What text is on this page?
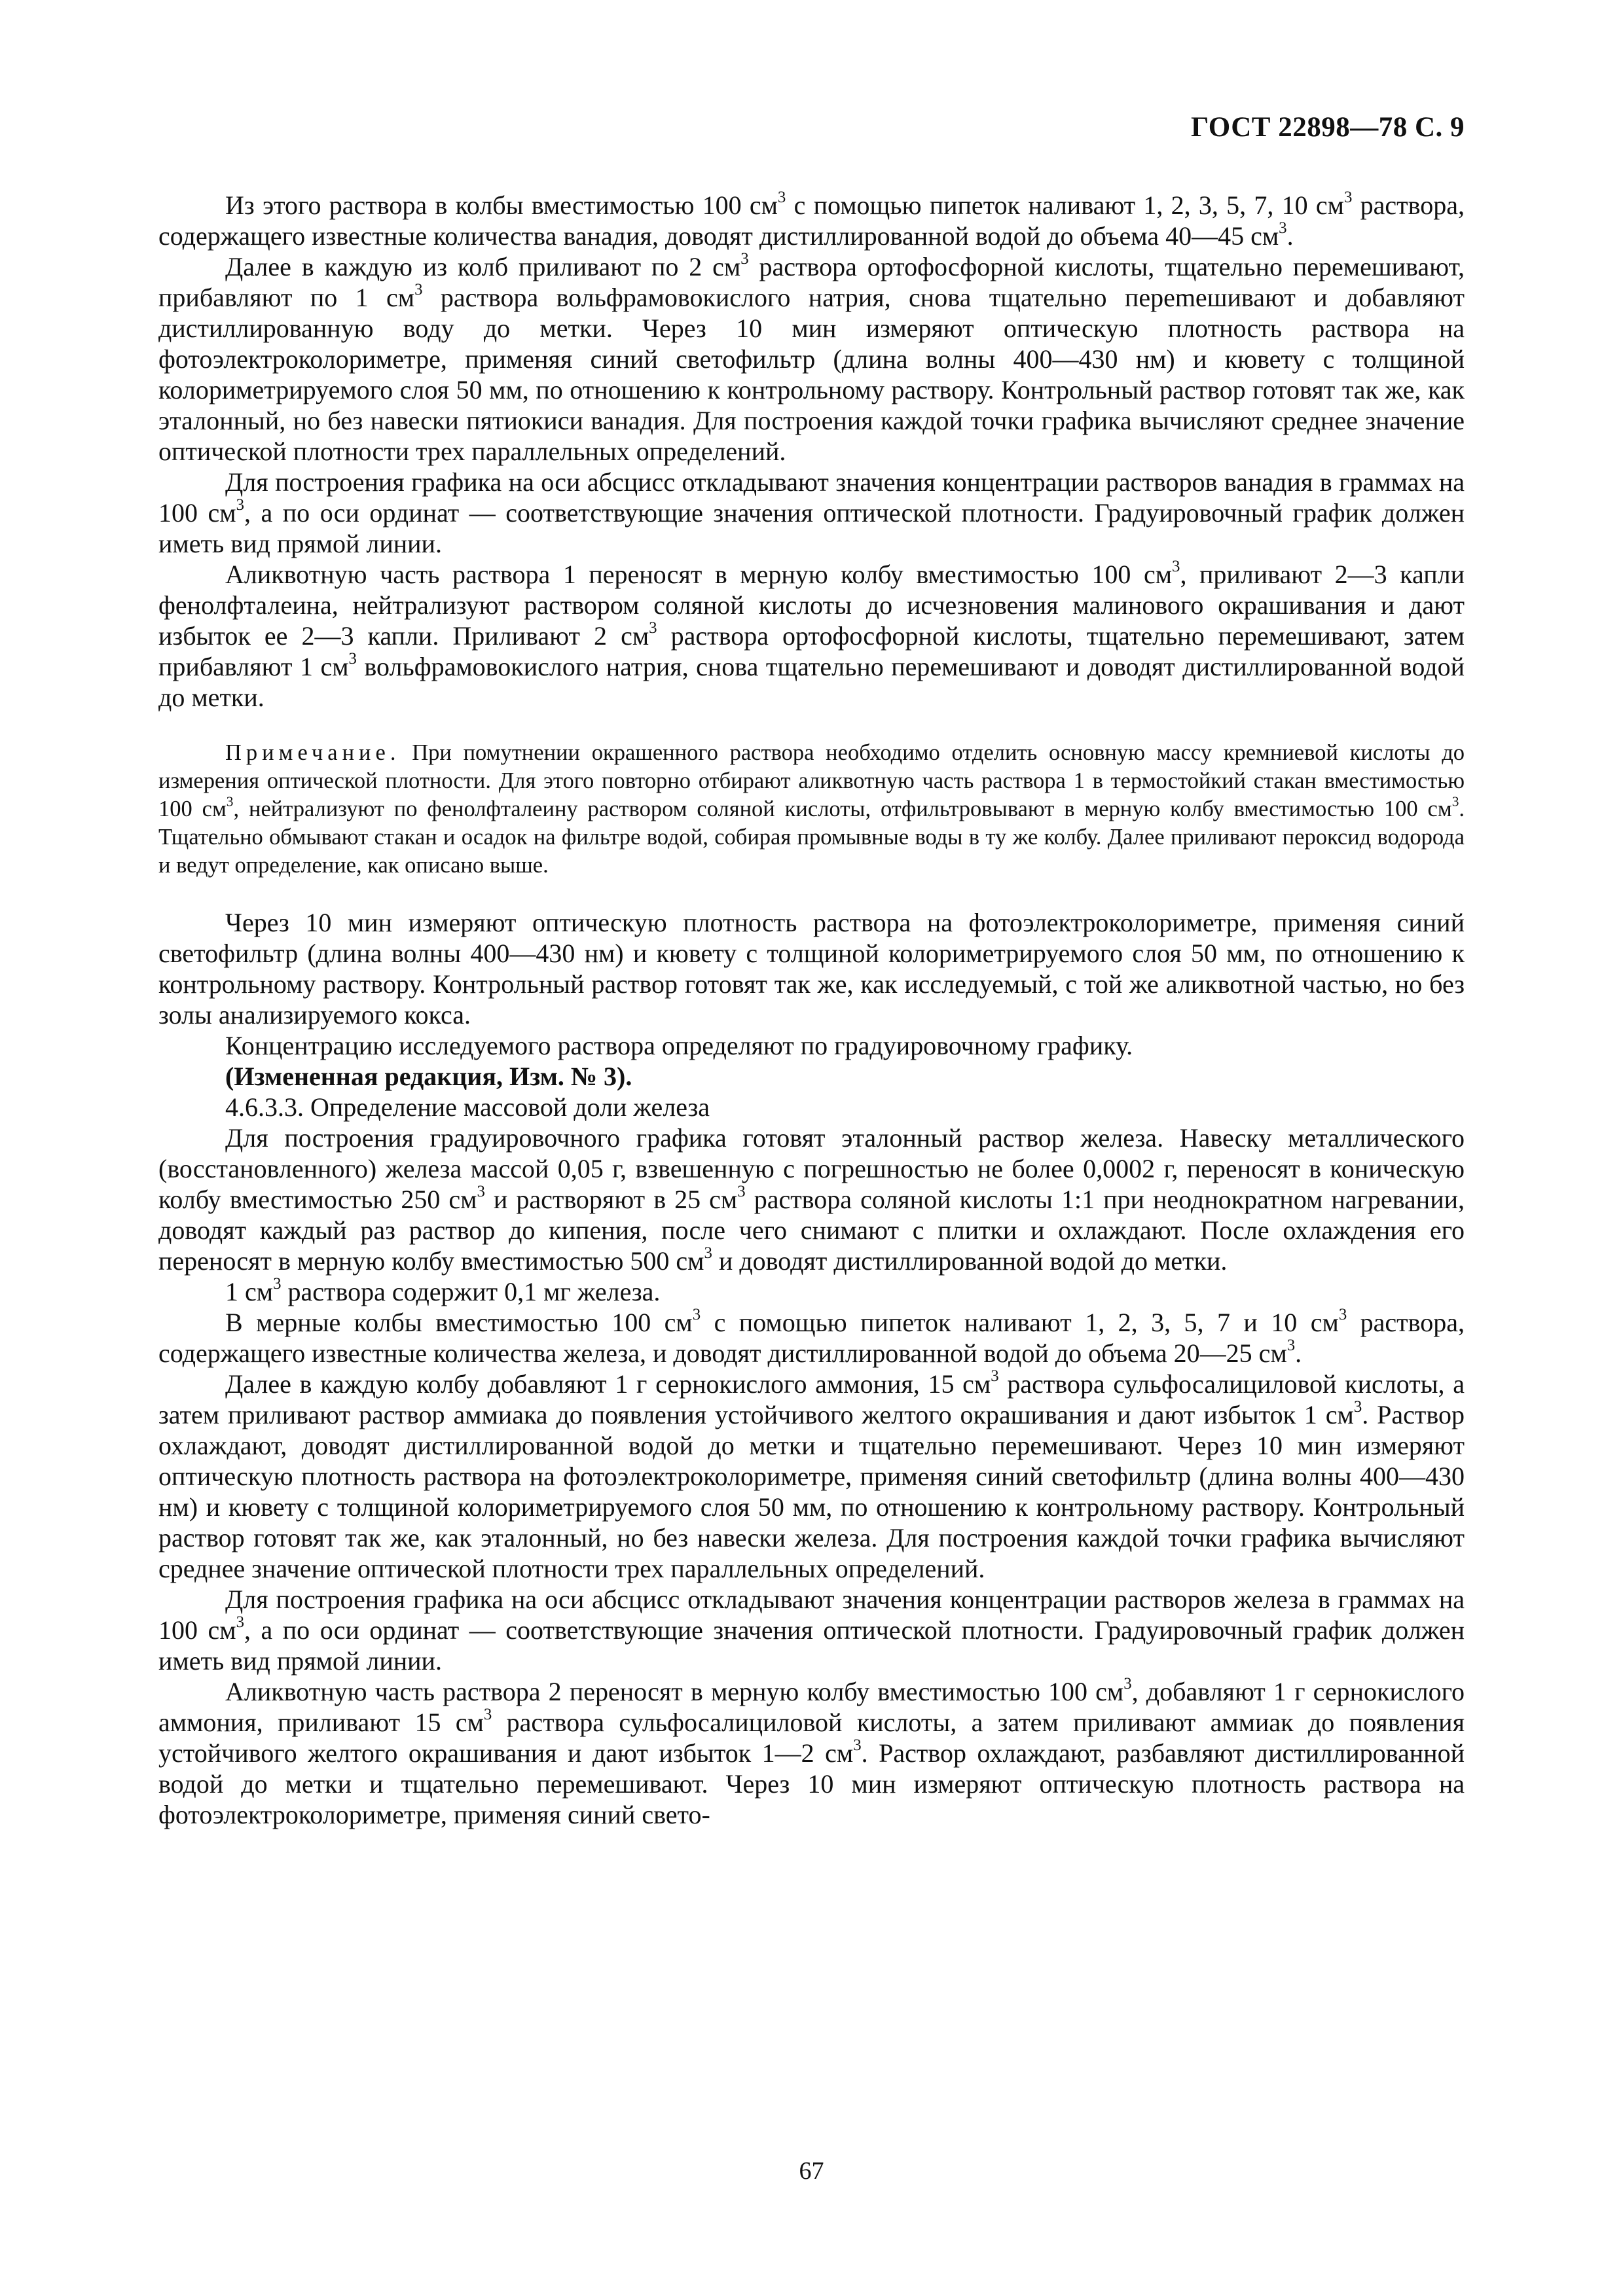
ГОСТ 22898—78 С. 9

Из этого раствора в колбы вместимостью 100 $см^3$ с помощью пипеток наливают 1, 2, 3, 5, 7, 10 $см^3$ раствора, содержащего известные количества ванадия, доводят дистиллированной водой до объема 40—45 $см^3$.

Далее в каждую из колб приливают по 2 $см^3$ раствора ортофосфорной кислоты, тщательно перемешивают, прибавляют по 1 $см^3$ раствора вольфрамовокислого натрия, снова тщательно переmешивают и добавляют дистиллированную воду до метки. Через 10 мин измеряют оптическую плотность раствора на фотоэлектроколориметре, применяя синий светофильтр (длина волны 400—430 нм) и кювету с толщиной колориметрируемого слоя 50 мм, по отношению к контрольному раствору. Контрольный раствор готовят так же, как эталонный, но без навески пятиокиси ванадия. Для построения каждой точки графика вычисляют среднее значение оптической плотности трех параллельных определений.

Для построения графика на оси абсцисс откладывают значения концентрации растворов ванадия в граммах на 100 $см^3$, а по оси ординат — соответствующие значения оптической плотности. Градуировочный график должен иметь вид прямой линии.

Аликвотную часть раствора 1 переносят в мерную колбу вместимостью 100 $см^3$, приливают 2—3 капли фенолфталеина, нейтрализуют раствором соляной кислоты до исчезновения малинового окрашивания и дают избыток ее 2—3 капли. Приливают 2 $см^3$ раствора ортофосфорной кислоты, тщательно перемешивают, затем прибавляют 1 $см^3$ вольфрамовокислого натрия, снова тщательно перемешивают и доводят дистиллированной водой до метки.

Примечание. При помутнении окрашенного раствора необходимо отделить основную массу кремниевой кислоты до измерения оптической плотности. Для этого повторно отбирают аликвотную часть раствора 1 в термостойкий стакан вместимостью 100 $см^3$, нейтрализуют по фенолфталеину раствором соляной кислоты, отфильтровывают в мерную колбу вместимостью 100 $см^3$. Тщательно обмывают стакан и осадок на фильтре водой, собирая промывные воды в ту же колбу. Далее приливают пероксид водорода и ведут определение, как описано выше.

Через 10 мин измеряют оптическую плотность раствора на фотоэлектроколориметре, применяя синий светофильтр (длина волны 400—430 нм) и кювету с толщиной колориметрируемого слоя 50 мм, по отношению к контрольному раствору. Контрольный раствор готовят так же, как исследуемый, с той же аликвотной частью, но без золы анализируемого кокса.

Концентрацию исследуемого раствора определяют по градуировочному графику.

(Измененная редакция, Изм. № 3).

4.6.3.3. Определение массовой доли железа

Для построения градуировочного графика готовят эталонный раствор железа. Навеску металлического (восстановленного) железа массой 0,05 г, взвешенную с погрешностью не более 0,0002 г, переносят в коническую колбу вместимостью 250 $см^3$ и растворяют в 25 $см^3$ раствора соляной кислоты 1:1 при неоднократном нагревании, доводят каждый раз раствор до кипения, после чего снимают с плитки и охлаждают. После охлаждения его переносят в мерную колбу вместимостью 500 $см^3$ и доводят дистиллированной водой до метки.

1 $см^3$ раствора содержит 0,1 мг железа.

В мерные колбы вместимостью 100 $см^3$ с помощью пипеток наливают 1, 2, 3, 5, 7 и 10 $см^3$ раствора, содержащего известные количества железа, и доводят дистиллированной водой до объема 20—25 $см^3$.

Далее в каждую колбу добавляют 1 г сернокислого аммония, 15 $см^3$ раствора сульфосалициловой кислоты, а затем приливают раствор аммиака до появления устойчивого желтого окрашивания и дают избыток 1 $см^3$. Раствор охлаждают, доводят дистиллированной водой до метки и тщательно перемешивают. Через 10 мин измеряют оптическую плотность раствора на фотоэлектроколориметре, применяя синий светофильтр (длина волны 400—430 нм) и кювету с толщиной колориметрируемого слоя 50 мм, по отношению к контрольному раствору. Контрольный раствор готовят так же, как эталонный, но без навески железа. Для построения каждой точки графика вычисляют среднее значение оптической плотности трех параллельных определений.

Для построения графика на оси абсцисс откладывают значения концентрации растворов железа в граммах на 100 $см^3$, а по оси ординат — соответствующие значения оптической плотности. Градуировочный график должен иметь вид прямой линии.

Аликвотную часть раствора 2 переносят в мерную колбу вместимостью 100 $см^3$, добавляют 1 г сернокислого аммония, приливают 15 $см^3$ раствора сульфосалициловой кислоты, а затем приливают аммиак до появления устойчивого желтого окрашивания и дают избыток 1—2 $см^3$. Раствор охлаждают, разбавляют дистиллированной водой до метки и тщательно перемешивают. Через 10 мин измеряют оптическую плотность раствора на фотоэлектроколориметре, применяя синий свето-

67
